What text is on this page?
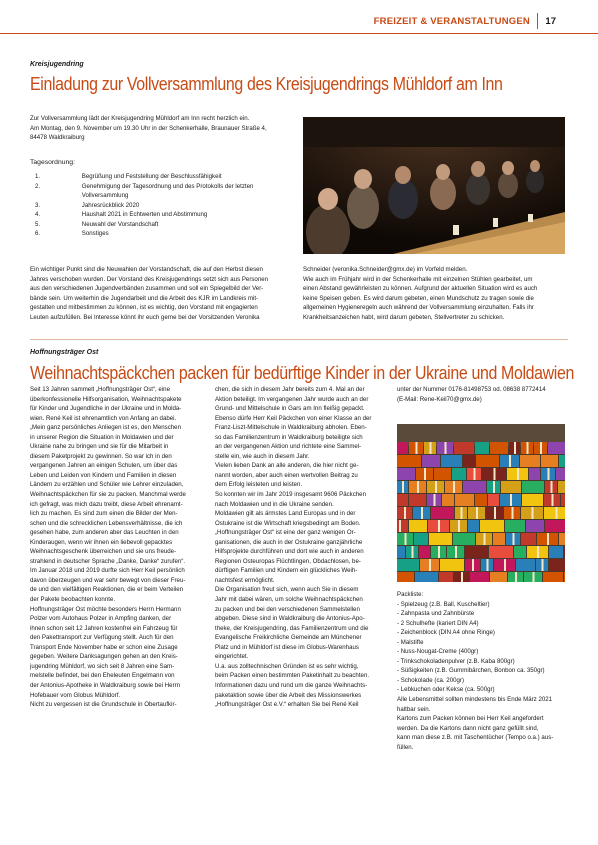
FREIZEIT & VERANSTALTUNGEN 17
Kreisjugendring
Einladung zur Vollversammlung des Kreisjugendrings Mühldorf am Inn

Zur Vollversammlung lädt der Kreisjugendring Mühldorf am Inn recht herzlich ein.

Am Montag, den 9. November um 19.30 Uhr in der Schenkerhalle, Braunauer Straße 4,

84478 Waldkraiburg

Tagesordnung:
1.	Begrüßung und Feststellung der Beschlussfähigkeit
2.	Genehmigung der Tagesordnung und des Protokolls der letzten Vollversammlung
3.	Jahresrückblick 2020
4.	Haushalt 2021 in Echtwerten und Abstimmung
5.	Neuwahl der Vorstandschaft
6.	Sonstiges

Ein wichtiger Punkt sind die Neuwahlen der Vorstandschaft, die auf den Herbst diesen

Jahres verschoben wurden. Der Vorstand des Kreisjugendrings setzt sich aus Personen

aus den verschiedenen Jugendverbänden zusammen und soll ein Spiegelbild der Ver-

bände sein. Um weiterhin die Jugendarbeit und die Arbeit des KJR im Landkreis mit-

gestalten und mitbestimmen zu können, ist es wichtig, den Vorstand mit engagierten

Leuten aufzufüllen. Bei Interesse könnt ihr euch gerne bei der Vorsitzenden Veronika

Schneider (veronika.Schneider@gmx.de) im Vorfeld melden.

Wie auch im Frühjahr wird in der Schenkerhalle mit einzelnen Stühlen gearbeitet, um

einen Abstand gewährleisten zu können. Aufgrund der aktuellen Situation wird es auch

keine Speisen geben. Es wird darum gebeten, einen Mundschutz zu tragen sowie die

allgemeinen Hygieneregeln auch während der Vollversammlung einzuhalten. Falls ihr

Krankheitsanzeichen habt, wird darum gebeten, Stellvertreter zu schicken.

Hoffnungsträger Ost
Weihnachtspäckchen packen für bedürftige Kinder in der Ukraine und Moldawien

Seit 13 Jahren sammelt „Hoffnungsträger Ost“, eine

überkonfessionelle Hilfsorganisation, Weihnachtspakete

für Kinder und Jugendliche in der Ukraine und in Molda-

wien. René Keil ist ehrenamtlich von Anfang an dabei.

„Mein ganz persönliches Anliegen ist es, den Menschen

in unserer Region die Situation in Moldawien und der

Ukraine nahe zu bringen und sie für die Mitarbeit in

diesem Paketprojekt zu gewinnen. So war ich in den

vergangenen Jahren an einigen Schulen, um über das

Leben und Leiden von Kindern und Familien in diesen

Ländern zu erzählen und Schüler wie Lehrer einzuladen,

Weihnachtspäckchen für sie zu packen. Manchmal werde

ich gefragt, was mich dazu treibt, diese Arbeit ehrenamt-

lich zu machen. Es sind zum einen die Bilder der Men-

schen und die schrecklichen Lebensverhältnisse, die ich

gesehen habe, zum anderen aber das Leuchten in den

Kinderaugen, wenn wir ihnen ein liebevoll gepacktes

Weihnachtsgeschenk überreichen und sie uns freude-

strahlend in deutscher Sprache „Danke, Danke“ zurufen“.

Im Januar 2018 und 2019 durfte sich Herr Keil persönlich

davon überzeugen und war sehr bewegt von dieser Freu-

de und den vielfältigen Reaktionen, die er beim Verteilen

der Pakete beobachten konnte.

Hoffnungsträger Ost möchte besonders Herrn Hermann

Polzer vom Autohaus Polzer in Ampfing danken, der

ihnen schon seit 12 Jahren kostenfrei ein Fahrzeug für

den Pakettransport zur Verfügung stellt. Auch für den

Transport Ende November habe er schon eine Zusage

gegeben. Weitere Danksagungen gehen an den Kreis-

jugendring Mühldorf, wo sich seit 8 Jahren eine Sam-

melstelle befindet, bei den Eheleuten Engelmann von

der Antonius-Apotheke in Waldkraiburg sowie bei Herrn

Hofebauer vom Globus Mühldorf.

Nicht zu vergessen ist die Grundschule in Obertaufkir-

chen, die sich in diesem Jahr bereits zum 4. Mal an der

Aktion beteiligt. Im vergangenen Jahr wurde auch an der

Grund- und Mittelschule in Gars am Inn fleißig gepackt.

Ebenso dürfe Herr Keil Päckchen von einer Klasse an der

Franz-Liszt-Mittelschule in Waldkraiburg abholen. Eben-

so das Familienzentrum in Waldkraiburg beteiligte sich

an der vergangenen Aktion und richtete eine Sammel-

stelle ein, wie auch in diesem Jahr.

Vielen lieben Dank an alle anderen, die hier nicht ge-

nannt worden, aber auch einen wertvollen Beitrag zu

dem Erfolg leisteten und leisten.

So konnten wir im Jahr 2019 insgesamt 9606 Päckchen

nach Moldawien und in die Ukraine senden.

Moldawien gilt als ärmstes Land Europas und in der

Ostukraine ist die Wirtschaft kriegsbedingt am Boden.

„Hoffnungsträger Ost“ ist eine der ganz wenigen Or-

ganisationen, die auch in der Ostukraine ganzjährliche

Hilfsprojekte durchführen und dort wie auch in anderen

Regionen Osteuropas Flüchtlingen, Obdachlosen, be-

dürftigen Familien und Kindern ein glückliches Weih-

nachtsfest ermöglicht.

Die Organisation freut sich, wenn auch Sie in diesem

Jahr mit dabei wären, um solche Weihnachtspäckchen

zu packen und bei den verschiedenen Sammelstellen

abgeben. Diese sind in Waldkraiburg die Antonius-Apo-

theke, der Kreisjugendring, das Familienzentrum und die

Evangelische Freikirchliche Gemeinde am Münchener

Platz und in Mühldorf ist diese im Globus-Warenhaus

eingerichtet.

U.a. aus zolltechnischen Gründen ist es sehr wichtig,

beim Packen einen bestimmten Paketinhalt zu beachten.

Informationen dazu und rund um die ganze Weihnachts-

paketaktion sowie über die Arbeit des Missionswerkes

„Hoffnungsträger Ost e.V.“ erhalten Sie bei René Keil

unter der Nummer 0176-81498753 od. 08638 8772414

(E-Mail: Rene-Keil70@gmx.de)

Packliste:

- Spielzeug (z.B. Ball, Kuscheltier)

- Zahnpasta und Zahnbürste

- 2 Schulhefte (kariert DIN A4)

- Zeichenblock (DIN A4 ohne Ringe)

- Malstifte

- Nuss-Nougat-Creme (400gr)

- Trinkschokoladenpulver (z.B. Kaba 800gr)

- Süßigkeiten (z.B. Gummibärchen, Bonbon ca. 350gr)

- Schokolade (ca. 200gr)

- Lebkuchen oder Kekse (ca. 500gr)

Alle Lebensmittel sollten mindestens bis Ende März 2021

haltbar sein.

Kartons zum Packen können bei Herr Keil angefordert

werden. Da die Kartons dann nicht ganz gefüllt sind,

kann man diese z.B. mit Taschentücher (Tempo o.a.) aus-

füllen.
